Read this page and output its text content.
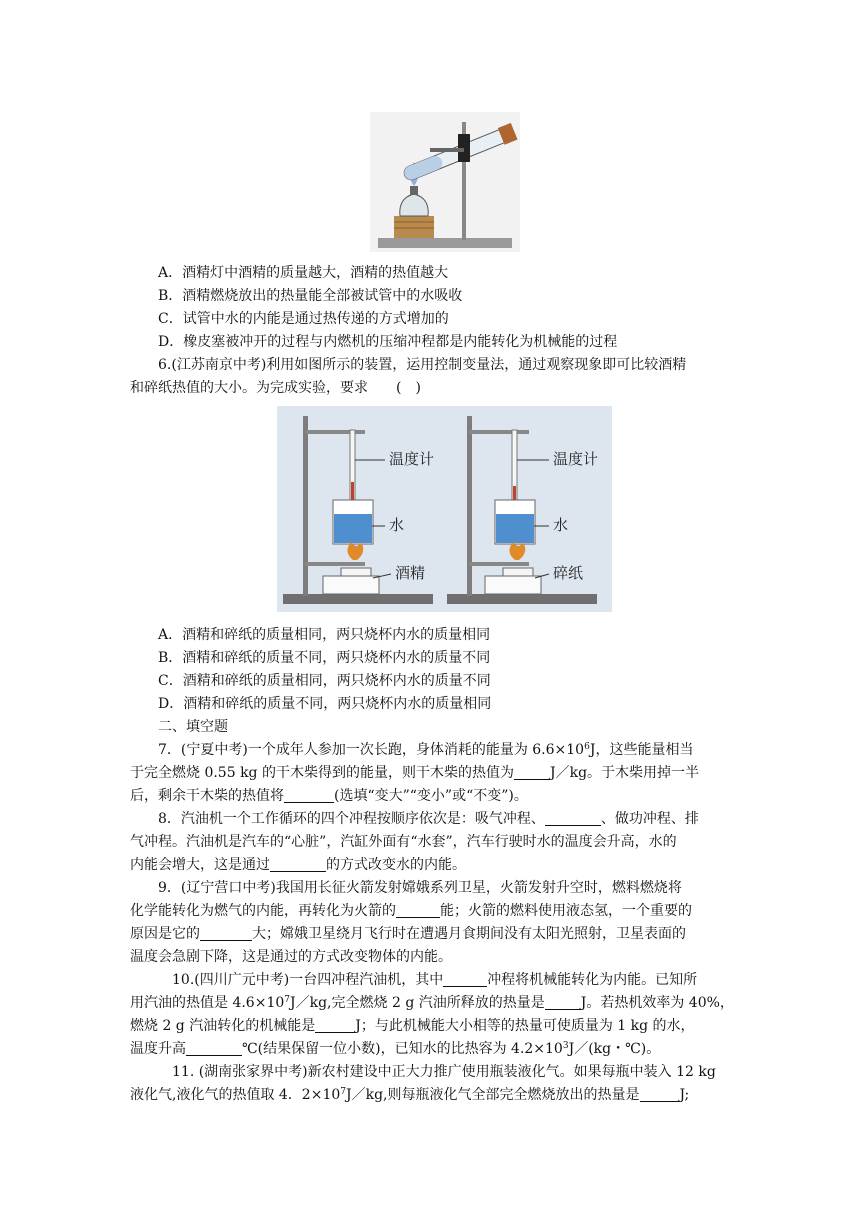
A．酒精灯中酒精的质量越大，酒精的热值越大
B．酒精燃烧放出的热量能全部被试管中的水吸收
C．试管中水的内能是通过热传递的方式增加的
D．橡皮塞被冲开的过程与内燃机的压缩冲程都是内能转化为机械能的过程
6.(江苏南京中考)利用如图所示的装置，运用控制变量法，通过观察现象即可比较酒精
和碎纸热值的大小。为完成实验，要求　　(　)
温度计
水
酒精
温度计
水
碎纸
A．酒精和碎纸的质量相同，两只烧杯内水的质量相同
B．酒精和碎纸的质量不同，两只烧杯内水的质量不同
C．酒精和碎纸的质量相同，两只烧杯内水的质量不同
D．酒精和碎纸的质量不同，两只烧杯内水的质量相同
二、填空题
7．(宁夏中考)一个成年人参加一次长跑，身体消耗的能量为 $6.6\times 10^6J$，这些能量相当
于完全燃烧 0.55 kg 的干木柴得到的能量，则干木柴的热值为	J／kg。于木柴用掉一半
后，剩余干木柴的热值将	(选填“变大”“变小”或“不变”)。
8．汽油机一个工作循环的四个冲程按顺序依次是：吸气冲程、	、做功冲程、排
气冲程。汽油机是汽车的“心脏”，汽缸外面有“水套”，汽车行驶时水的温度会升高，水的
内能会增大，这是通过	的方式改变水的内能。
9．(辽宁营口中考)我国用长征火箭发射嫦娥系列卫星，火箭发射升空时，燃料燃烧将
化学能转化为燃气的内能，再转化为火箭的	能；火箭的燃料使用液态氢，一个重要的
原因是它的	大；嫦娥卫星绕月飞行时在遭遇月食期间没有太阳光照射，卫星表面的
温度会急剧下降，这是通过的方式改变物体的内能。
10.(四川广元中考)一台四冲程汽油机，其中	冲程将机械能转化为内能。已知所
用汽油的热值是 $4.6\times 10^7J/kg$,完全燃烧 2 g 汽油所释放的热量是	J。若热机效率为 40%，
燃烧 2 g 汽油转化的机械能是	J；与此机械能大小相等的热量可使质量为 1 kg 的水，
温度升高	℃(结果保留一位小数)，已知水的比热容为 $4.2\times 10^3J/(kg$・℃)。
11. (湖南张家界中考)新农村建设中正大力推广使用瓶装液化气。如果每瓶中装入 12 kg
液化气,液化气的热值取 4．$2\times 10^7J/kg$,则每瓶液化气全部完全燃烧放出的热量是	J;
